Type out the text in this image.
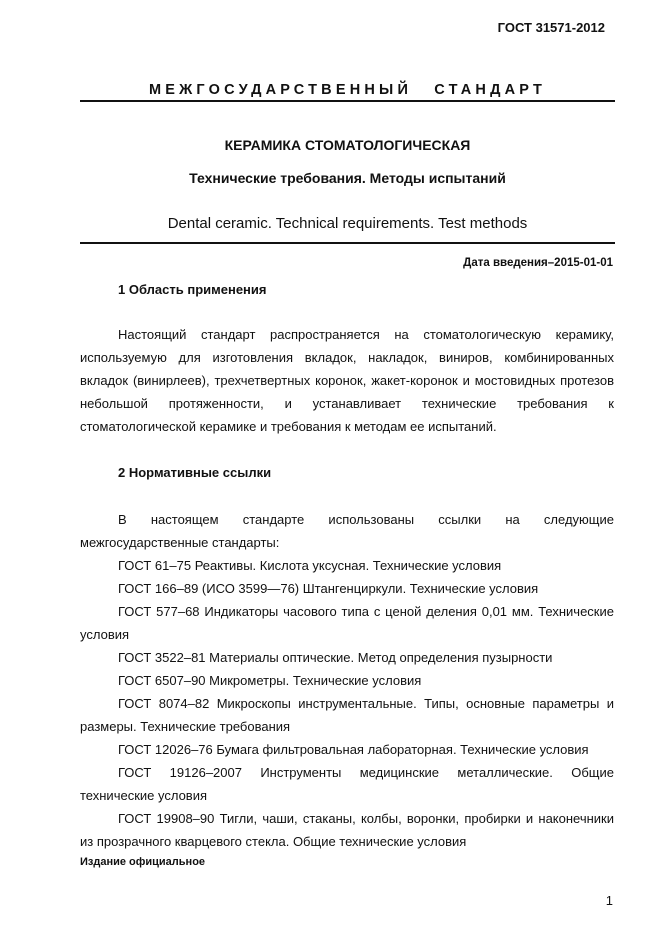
ГОСТ 31571-2012
МЕЖГОСУДАРСТВЕННЫЙ СТАНДАРТ
КЕРАМИКА СТОМАТОЛОГИЧЕСКАЯ
Технические требования. Методы испытаний
Dental ceramic. Technical requirements. Test methods
Дата введения–2015-01-01
1 Область применения

Настоящий стандарт распространяется на стоматологическую керамику, используемую для изготовления вкладок, накладок, виниров, комбинированных вкладок (винирлеев), трехчетвертных коронок, жакет-коронок и мостовидных протезов небольшой протяженности, и устанавливает технические требования к стоматологической керамике и требования к методам ее испытаний.

2 Нормативные ссылки

В настоящем стандарте использованы ссылки на следующие межгосударственные стандарты:

ГОСТ 61–75 Реактивы. Кислота уксусная. Технические условия

ГОСТ 166–89 (ИСО 3599—76) Штангенциркули. Технические условия

ГОСТ 577–68 Индикаторы часового типа с ценой деления 0,01 мм. Технические условия

ГОСТ 3522–81 Материалы оптические. Метод определения пузырности

ГОСТ 6507–90 Микрометры. Технические условия

ГОСТ 8074–82 Микроскопы инструментальные. Типы, основные параметры и размеры. Технические требования

ГОСТ 12026–76 Бумага фильтровальная лабораторная. Технические условия

ГОСТ 19126–2007 Инструменты медицинские металлические. Общие технические условия

ГОСТ 19908–90 Тигли, чаши, стаканы, колбы, воронки, пробирки и наконечники из прозрачного кварцевого стекла. Общие технические условия

Издание официальное
1
